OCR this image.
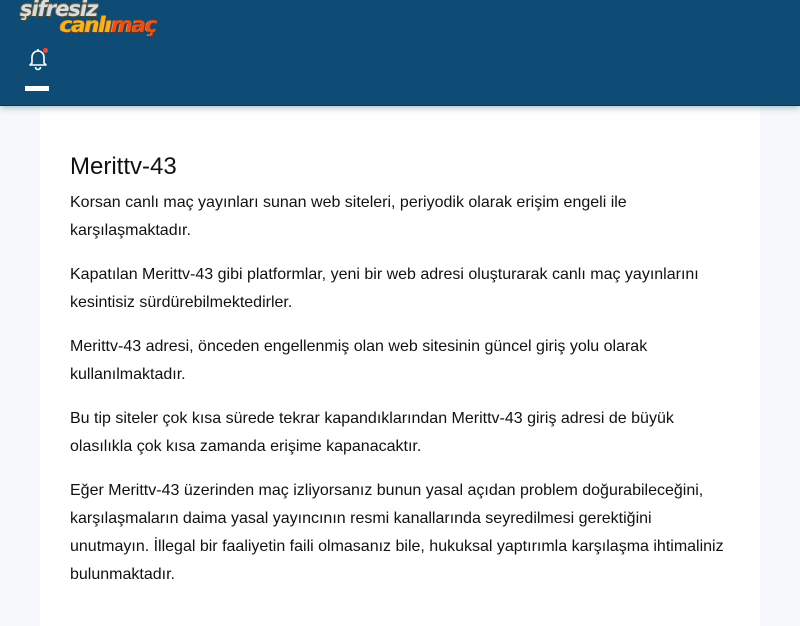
şifresiz
canlımaç
Merittv-43

Korsan canlı maç yayınları sunan web siteleri, periyodik olarak erişim engeli ile karşılaşmaktadır.

Kapatılan Merittv-43 gibi platformlar, yeni bir web adresi oluşturarak canlı maç yayınlarını kesintisiz sürdürebilmektedirler.

Merittv-43 adresi, önceden engellenmiş olan web sitesinin güncel giriş yolu olarak kullanılmaktadır.

Bu tip siteler çok kısa sürede tekrar kapandıklarından Merittv-43 giriş adresi de büyük olasılıkla çok kısa zamanda erişime kapanacaktır.

Eğer Merittv-43 üzerinden maç izliyorsanız bunun yasal açıdan problem doğurabileceğini, karşılaşmaların daima yasal yayıncının resmi kanallarında seyredilmesi gerektiğini unutmayın. İllegal bir faaliyetin faili olmasanız bile, hukuksal yaptırımla karşılaşma ihtimaliniz bulunmaktadır.
